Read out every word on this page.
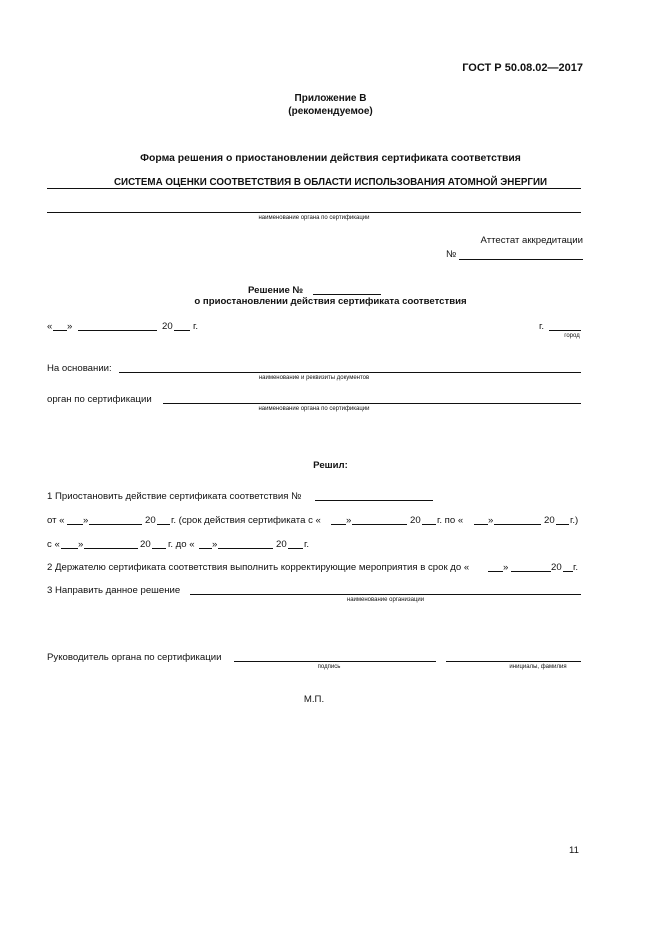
ГОСТ Р 50.08.02—2017
Приложение В
(рекомендуемое)
Форма решения о приостановлении действия сертификата соответствия
СИСТЕМА ОЦЕНКИ СООТВЕТСТВИЯ В ОБЛАСТИ ИСПОЛЬЗОВАНИЯ АТОМНОЙ ЭНЕРГИИ
наименование органа по сертификации
Аттестат аккредитации
№
Решение №
о приостановлении действия сертификата соответствия
« »	20 г.	г.
город
На основании:
наименование и реквизиты документов
орган по сертификации
наименование органа по сертификации
Решил:
1 Приостановить действие сертификата соответствия №
от « »	20 г. (срок действия сертификата с «	»	20 г. по «	»	20 г.)
с « »	20 г. до « »	20 г.
2 Держателю сертификата соответствия выполнить корректирующие мероприятия в срок до «	»	20 г.
3 Направить данное решение
наименование организации
Руководитель органа по сертификации
подпись	инициалы, фамилия
М.П.
11
